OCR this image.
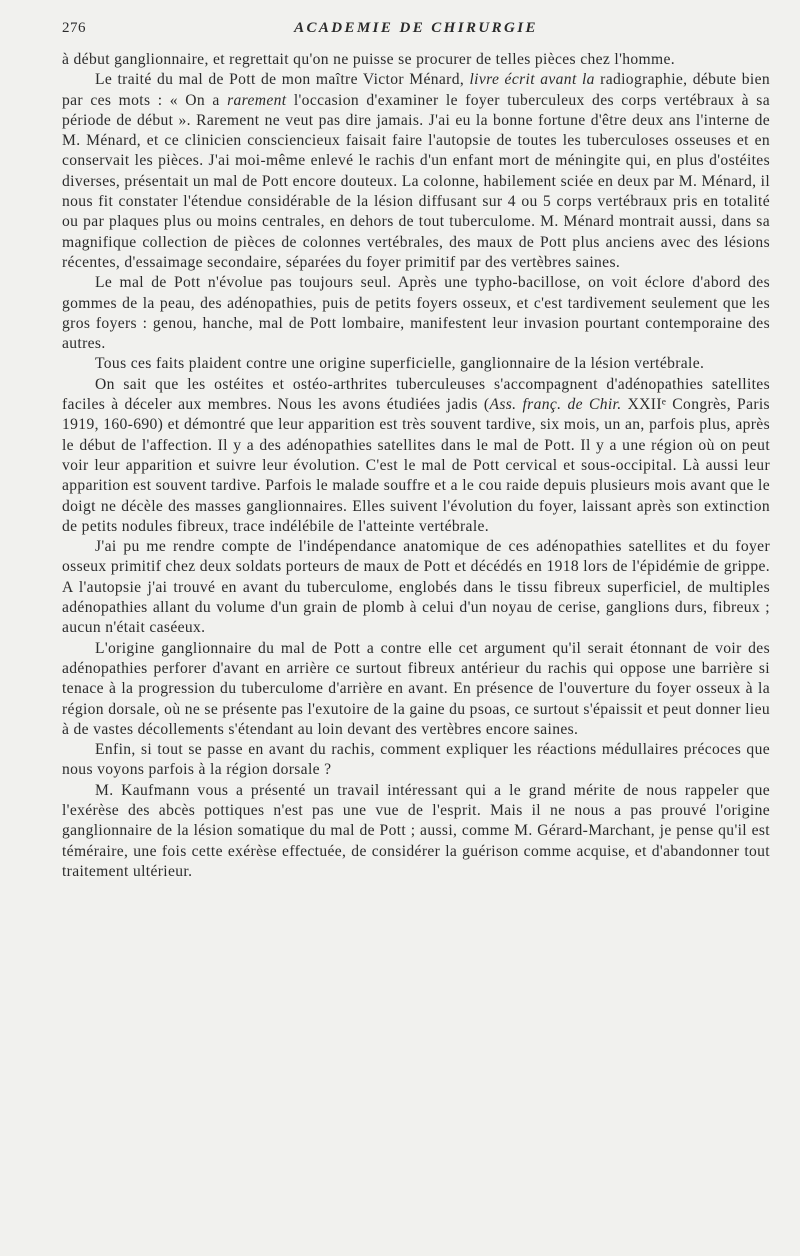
276	ACADEMIE DE CHIRURGIE

à début ganglionnaire, et regrettait qu'on ne puisse se procurer de telles pièces chez l'homme.

Le traité du mal de Pott de mon maître Victor Ménard, livre écrit avant la radiographie, débute bien par ces mots : « On a rarement l'occasion d'examiner le foyer tuberculeux des corps vertébraux à sa période de début ». Rarement ne veut pas dire jamais. J'ai eu la bonne fortune d'être deux ans l'interne de M. Ménard, et ce clinicien consciencieux faisait faire l'autopsie de toutes les tuberculoses osseuses et en conservait les pièces. J'ai moi-même enlevé le rachis d'un enfant mort de méningite qui, en plus d'ostéites diverses, présentait un mal de Pott encore douteux. La colonne, habilement sciée en deux par M. Ménard, il nous fit constater l'étendue considérable de la lésion diffusant sur 4 ou 5 corps vertébraux pris en totalité ou par plaques plus ou moins centrales, en dehors de tout tuberculome. M. Ménard montrait aussi, dans sa magnifique collection de pièces de colonnes vertébrales, des maux de Pott plus anciens avec des lésions récentes, d'essaimage secondaire, séparées du foyer primitif par des vertèbres saines.

Le mal de Pott n'évolue pas toujours seul. Après une typho-bacillose, on voit éclore d'abord des gommes de la peau, des adénopathies, puis de petits foyers osseux, et c'est tardivement seulement que les gros foyers : genou, hanche, mal de Pott lombaire, manifestent leur invasion pourtant contemporaine des autres.

Tous ces faits plaident contre une origine superficielle, ganglionnaire de la lésion vertébrale.

On sait que les ostéites et ostéo-arthrites tuberculeuses s'accompagnent d'adénopathies satellites faciles à déceler aux membres. Nous les avons étudiées jadis (Ass. franç. de Chir. XXIIᵉ Congrès, Paris 1919, 160-690) et démontré que leur apparition est très souvent tardive, six mois, un an, parfois plus, après le début de l'affection. Il y a des adénopathies satellites dans le mal de Pott. Il y a une région où on peut voir leur apparition et suivre leur évolution. C'est le mal de Pott cervical et sous-occipital. Là aussi leur apparition est souvent tardive. Parfois le malade souffre et a le cou raide depuis plusieurs mois avant que le doigt ne décèle des masses ganglionnaires. Elles suivent l'évolution du foyer, laissant après son extinction de petits nodules fibreux, trace indélébile de l'atteinte vertébrale.

J'ai pu me rendre compte de l'indépendance anatomique de ces adénopathies satellites et du foyer osseux primitif chez deux soldats porteurs de maux de Pott et décédés en 1918 lors de l'épidémie de grippe. A l'autopsie j'ai trouvé en avant du tuberculome, englobés dans le tissu fibreux superficiel, de multiples adénopathies allant du volume d'un grain de plomb à celui d'un noyau de cerise, ganglions durs, fibreux ; aucun n'était caséeux.

L'origine ganglionnaire du mal de Pott a contre elle cet argument qu'il serait étonnant de voir des adénopathies perforer d'avant en arrière ce surtout fibreux antérieur du rachis qui oppose une barrière si tenace à la progression du tuberculome d'arrière en avant. En présence de l'ouverture du foyer osseux à la région dorsale, où ne se présente pas l'exutoire de la gaine du psoas, ce surtout s'épaissit et peut donner lieu à de vastes décollements s'étendant au loin devant des vertèbres encore saines.

Enfin, si tout se passe en avant du rachis, comment expliquer les réactions médullaires précoces que nous voyons parfois à la région dorsale ?

M. Kaufmann vous a présenté un travail intéressant qui a le grand mérite de nous rappeler que l'exérèse des abcès pottiques n'est pas une vue de l'esprit. Mais il ne nous a pas prouvé l'origine ganglionnaire de la lésion somatique du mal de Pott ; aussi, comme M. Gérard-Marchant, je pense qu'il est téméraire, une fois cette exérèse effectuée, de considérer la guérison comme acquise, et d'abandonner tout traitement ultérieur.
